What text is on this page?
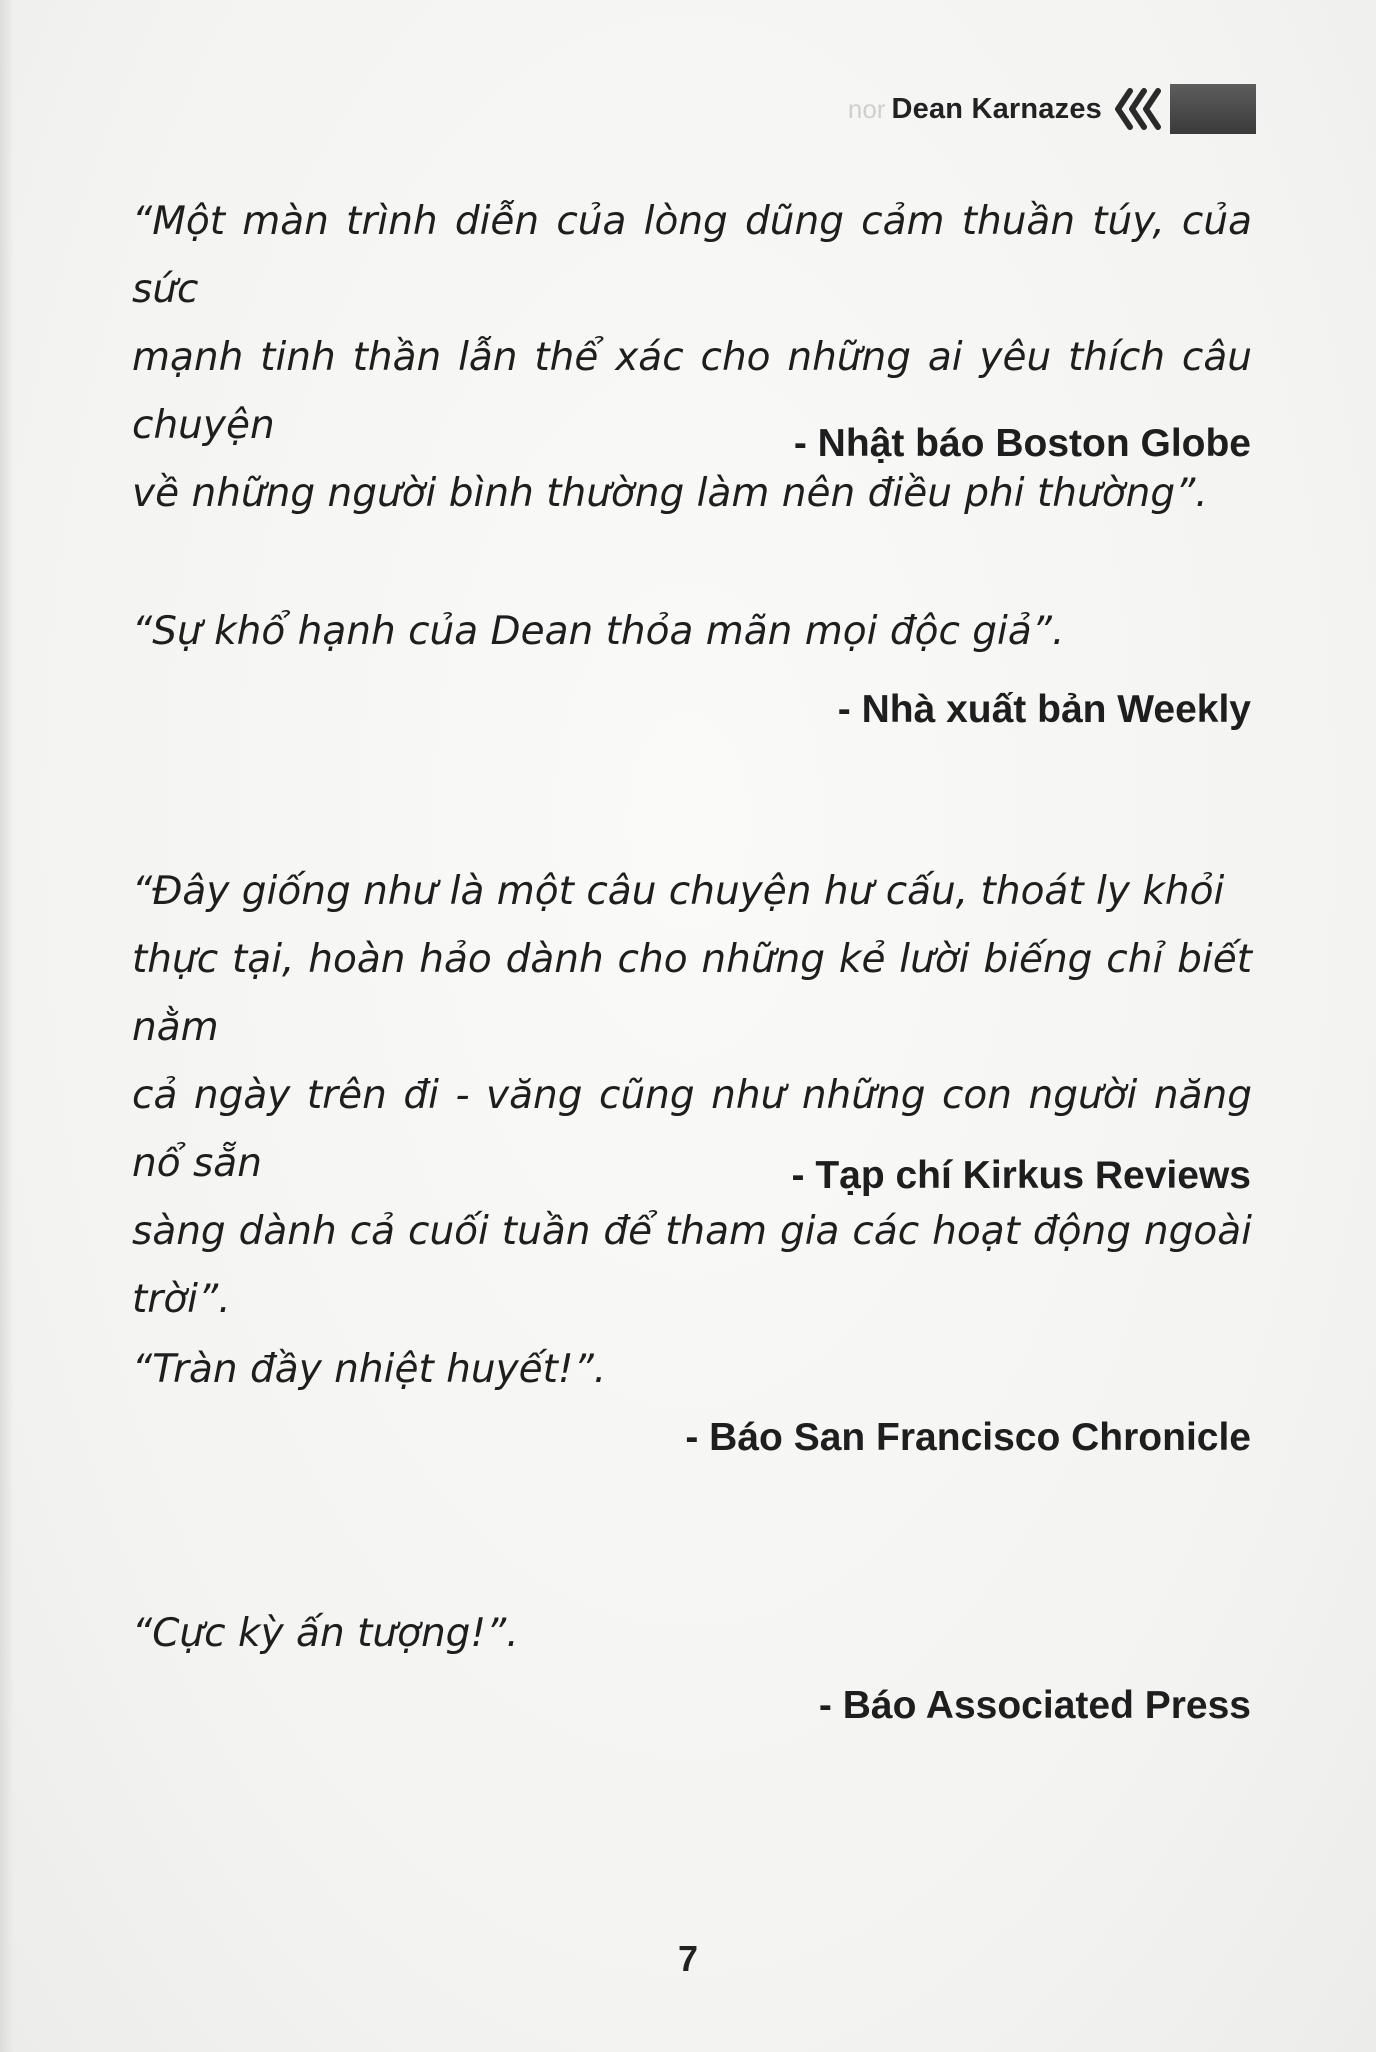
nor Dean Karnazes

“Một màn trình diễn của lòng dũng cảm thuần túy, của sức
mạnh tinh thần lẫn thể xác cho những ai yêu thích câu chuyện
về những người bình thường làm nên điều phi thường”.

- Nhật báo Boston Globe

“Sự khổ hạnh của Dean thỏa mãn mọi độc giả”.

- Nhà xuất bản Weekly

“Đây giống như là một câu chuyện hư cấu, thoát ly khỏi
thực tại, hoàn hảo dành cho những kẻ lười biếng chỉ biết nằm
cả ngày trên đi - văng cũng như những con người năng nổ sẵn
sàng dành cả cuối tuần để tham gia các hoạt động ngoài trời”.

- Tạp chí Kirkus Reviews

“Tràn đầy nhiệt huyết!”.

- Báo San Francisco Chronicle

“Cực kỳ ấn tượng!”.

- Báo Associated Press
7
